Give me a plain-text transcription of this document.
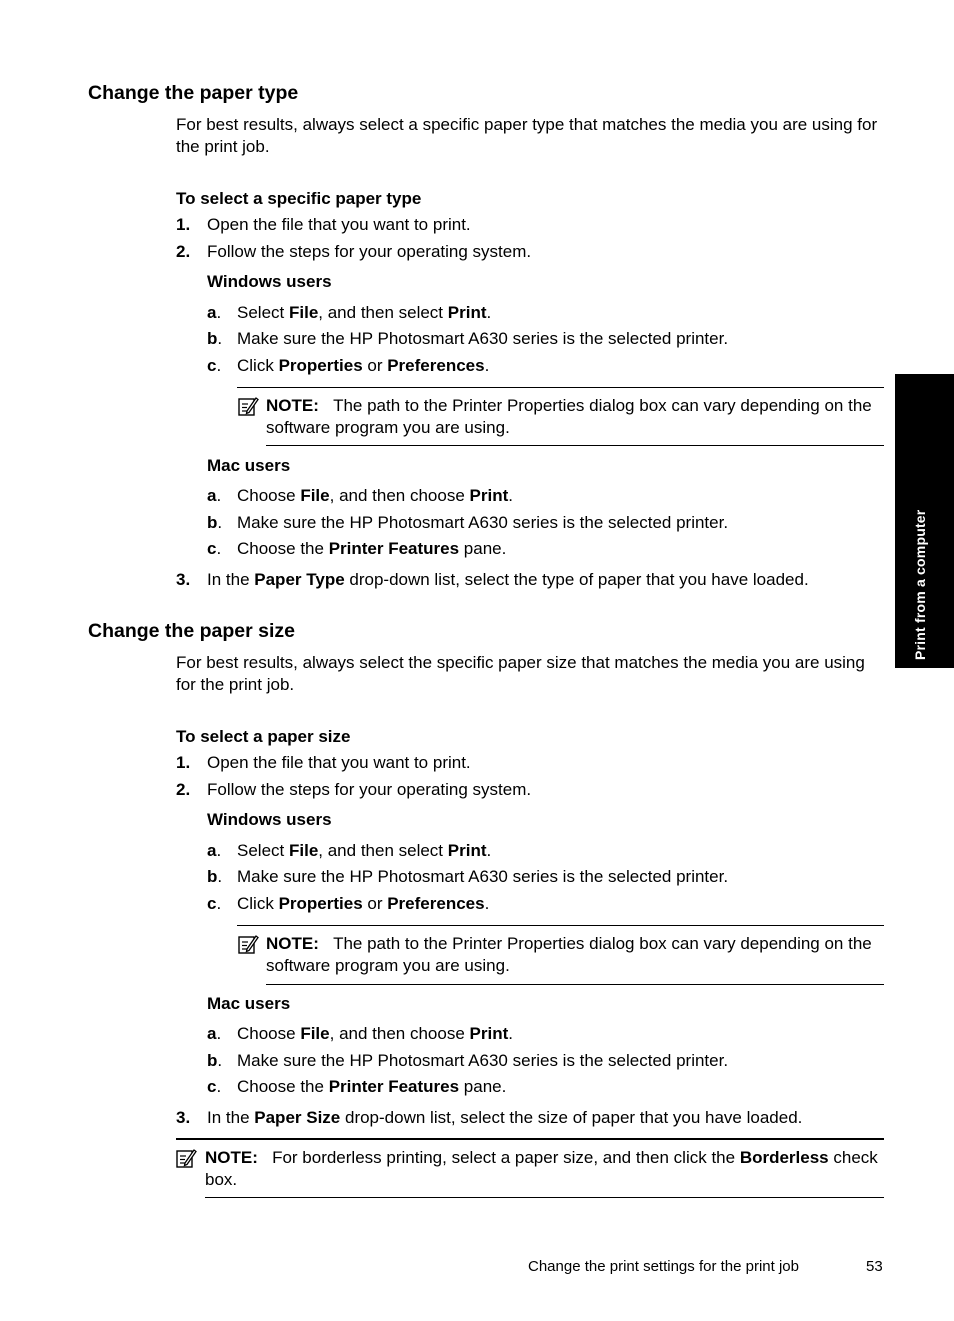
Change the paper type
For best results, always select a specific paper type that matches the media you are using for the print job.
To select a specific paper type
1. Open the file that you want to print.
2. Follow the steps for your operating system.
Windows users
a. Select File, and then select Print.
b. Make sure the HP Photosmart A630 series is the selected printer.
c. Click Properties or Preferences.
NOTE: The path to the Printer Properties dialog box can vary depending on the software program you are using.
Mac users
a. Choose File, and then choose Print.
b. Make sure the HP Photosmart A630 series is the selected printer.
c. Choose the Printer Features pane.
3. In the Paper Type drop-down list, select the type of paper that you have loaded.
Change the paper size
For best results, always select the specific paper size that matches the media you are using for the print job.
To select a paper size
1. Open the file that you want to print.
2. Follow the steps for your operating system.
Windows users
a. Select File, and then select Print.
b. Make sure the HP Photosmart A630 series is the selected printer.
c. Click Properties or Preferences.
NOTE: The path to the Printer Properties dialog box can vary depending on the software program you are using.
Mac users
a. Choose File, and then choose Print.
b. Make sure the HP Photosmart A630 series is the selected printer.
c. Choose the Printer Features pane.
3. In the Paper Size drop-down list, select the size of paper that you have loaded.
NOTE: For borderless printing, select a paper size, and then click the Borderless check box.
Print from a computer
Change the print settings for the print job	53
